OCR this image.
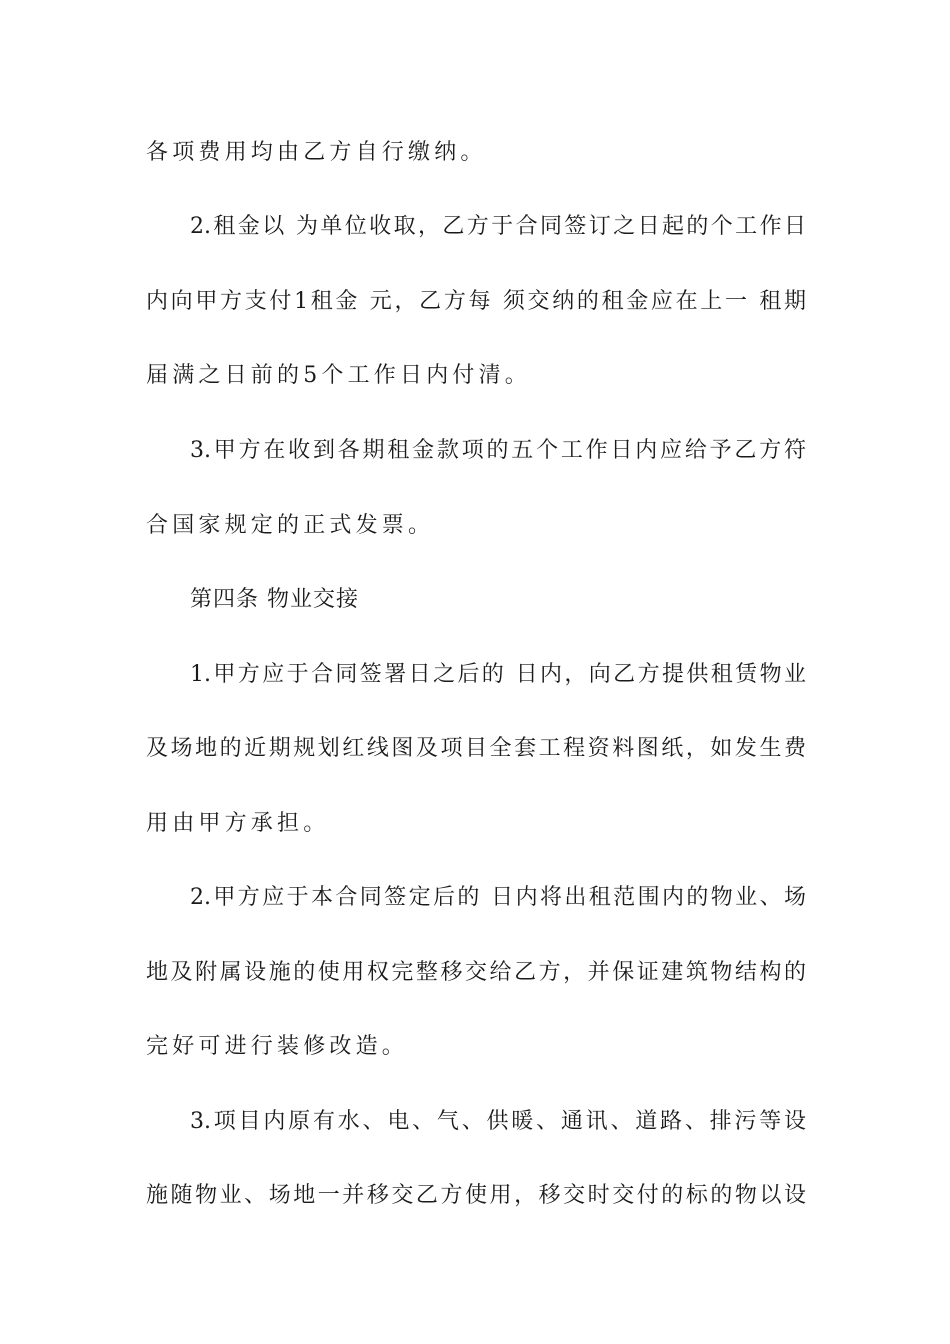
各项费用均由乙方自行缴纳。
2.租金以 为单位收取，乙方于合同签订之日起的个工作日
内向甲方支付1租金 元，乙方每 须交纳的租金应在上一 租期
届满之日前的5个工作日内付清。
3.甲方在收到各期租金款项的五个工作日内应给予乙方符
合国家规定的正式发票。
第四条 物业交接
1.甲方应于合同签署日之后的 日内，向乙方提供租赁物业
及场地的近期规划红线图及项目全套工程资料图纸，如发生费
用由甲方承担。
2.甲方应于本合同签定后的 日内将出租范围内的物业、场
地及附属设施的使用权完整移交给乙方，并保证建筑物结构的
完好可进行装修改造。
3.项目内原有水、电、气、供暖、通讯、道路、排污等设
施随物业、场地一并移交乙方使用，移交时交付的标的物以设
